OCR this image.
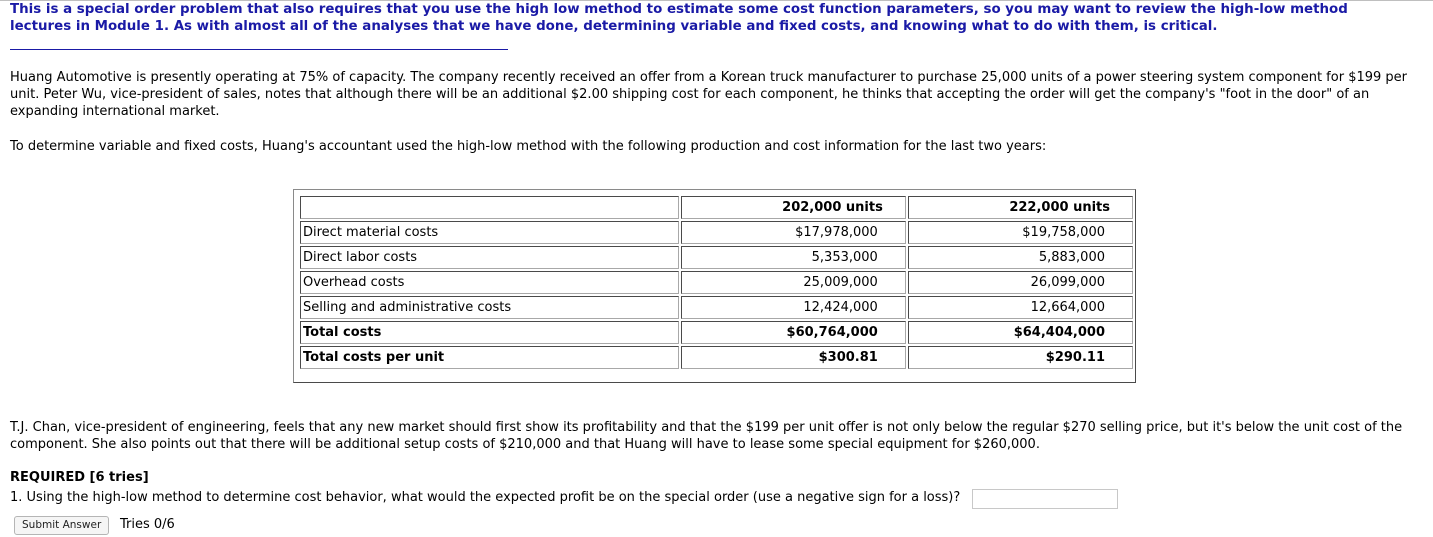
This is a special order problem that also requires that you use the high low method to estimate some cost function parameters, so you may want to review the high-low method lectures in Module 1. As with almost all of the analyses that we have done, determining variable and fixed costs, and knowing what to do with them, is critical.
Huang Automotive is presently operating at 75% of capacity. The company recently received an offer from a Korean truck manufacturer to purchase 25,000 units of a power steering system component for $199 per unit. Peter Wu, vice-president of sales, notes that although there will be an additional $2.00 shipping cost for each component, he thinks that accepting the order will get the company's "foot in the door" of an expanding international market.
To determine variable and fixed costs, Huang's accountant used the high-low method with the following production and cost information for the last two years:
	202,000 units	222,000 units
Direct material costs	$17,978,000	$19,758,000
Direct labor costs	5,353,000	5,883,000
Overhead costs	25,009,000	26,099,000
Selling and administrative costs	12,424,000	12,664,000
Total costs	$60,764,000	$64,404,000
Total costs per unit	$300.81	$290.11
T.J. Chan, vice-president of engineering, feels that any new market should first show its profitability and that the $199 per unit offer is not only below the regular $270 selling price, but it's below the unit cost of the component. She also points out that there will be additional setup costs of $210,000 and that Huang will have to lease some special equipment for $260,000.
REQUIRED [6 tries]
1. Using the high-low method to determine cost behavior, what would the expected profit be on the special order (use a negative sign for a loss)?
Submit Answer	Tries 0/6
